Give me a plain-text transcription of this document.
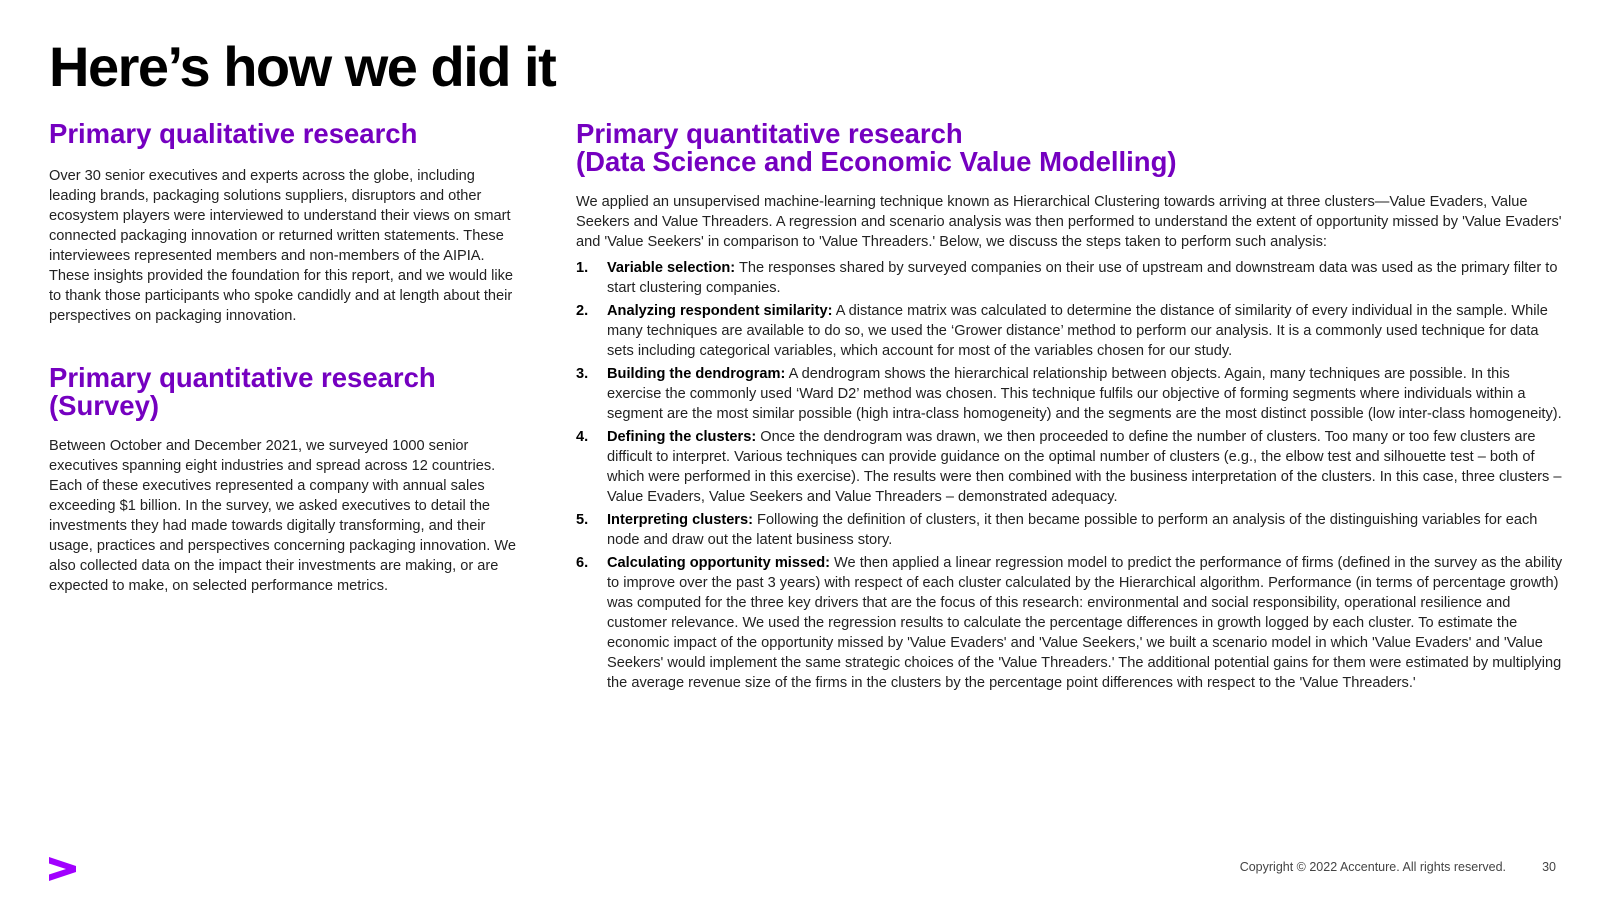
Here’s how we did it
Primary qualitative research

Over 30 senior executives and experts across the globe, including leading brands, packaging solutions suppliers, disruptors and other ecosystem players were interviewed to understand their views on smart connected packaging innovation or returned written statements. These interviewees represented members and non-members of the AIPIA. These insights provided the foundation for this report, and we would like to thank those participants who spoke candidly and at length about their perspectives on packaging innovation.

Primary quantitative research
(Survey)

Between October and December 2021, we surveyed 1000 senior executives spanning eight industries and spread across 12 countries. Each of these executives represented a company with annual sales exceeding $1 billion. In the survey, we asked executives to detail the investments they had made towards digitally transforming, and their usage, practices and perspectives concerning packaging innovation. We also collected data on the impact their investments are making, or are expected to make, on selected performance metrics.

Primary quantitative research
(Data Science and Economic Value Modelling)

We applied an unsupervised machine-learning technique known as Hierarchical Clustering towards arriving at three clusters—Value Evaders, Value Seekers and Value Threaders. A regression and scenario analysis was then performed to understand the extent of opportunity missed by 'Value Evaders' and 'Value Seekers' in comparison to 'Value Threaders.' Below, we discuss the steps taken to perform such analysis:

1. Variable selection: The responses shared by surveyed companies on their use of upstream and downstream data was used as the primary filter to start clustering companies.
2. Analyzing respondent similarity: A distance matrix was calculated to determine the distance of similarity of every individual in the sample. While many techniques are available to do so, we used the ‘Grower distance’ method to perform our analysis. It is a commonly used technique for data sets including categorical variables, which account for most of the variables chosen for our study.
3. Building the dendrogram: A dendrogram shows the hierarchical relationship between objects. Again, many techniques are possible. In this exercise the commonly used ‘Ward D2’ method was chosen. This technique fulfils our objective of forming segments where individuals within a segment are the most similar possible (high intra-class homogeneity) and the segments are the most distinct possible (low inter-class homogeneity).
4. Defining the clusters: Once the dendrogram was drawn, we then proceeded to define the number of clusters. Too many or too few clusters are difficult to interpret. Various techniques can provide guidance on the optimal number of clusters (e.g., the elbow test and silhouette test – both of which were performed in this exercise). The results were then combined with the business interpretation of the clusters. In this case, three clusters – Value Evaders, Value Seekers and Value Threaders – demonstrated adequacy.
5. Interpreting clusters: Following the definition of clusters, it then became possible to perform an analysis of the distinguishing variables for each node and draw out the latent business story.
6. Calculating opportunity missed: We then applied a linear regression model to predict the performance of firms (defined in the survey as the ability to improve over the past 3 years) with respect of each cluster calculated by the Hierarchical algorithm. Performance (in terms of percentage growth) was computed for the three key drivers that are the focus of this research: environmental and social responsibility, operational resilience and customer relevance. We used the regression results to calculate the percentage differences in growth logged by each cluster. To estimate the economic impact of the opportunity missed by 'Value Evaders' and 'Value Seekers,' we built a scenario model in which 'Value Evaders' and 'Value Seekers' would implement the same strategic choices of the 'Value Threaders.' The additional potential gains for them were estimated by multiplying the average revenue size of the firms in the clusters by the percentage point differences with respect to the 'Value Threaders.'
Copyright © 2022 Accenture. All rights reserved.	30
